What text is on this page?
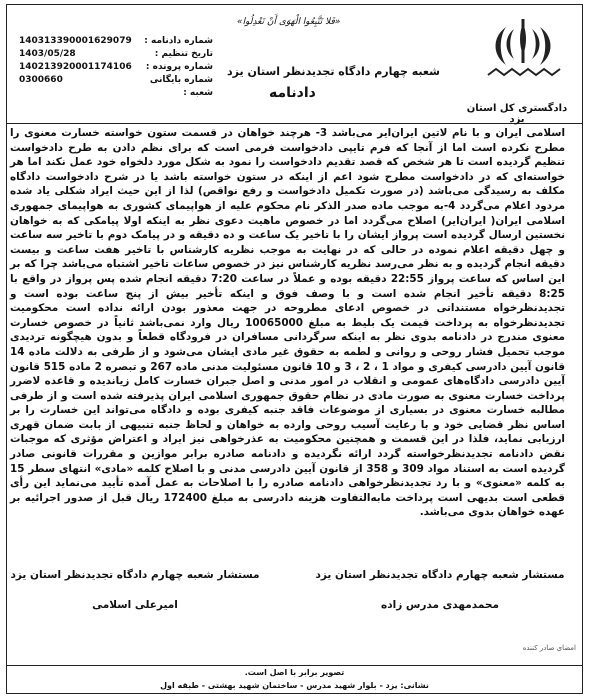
دادگستری کل استان یزد
«فَلا تَتَّبِعُوا الْهَوَى أَنْ تَعْدِلُوا»
شعبه چهارم دادگاه تجدیدنظر استان یزد
دادنامه
شماره دادنامه :
140313390001629079
تاریخ تنظیم :
1403/05/28
شماره پرونده :
140213920001174106
شماره بایگانی شعبه :
0300660
اسلامی ایران و با نام لاتین ایران‌ایر می‌باشد 3- هرچند خواهان در قسمت ستون خواسته خسارت معنوی را مطرح نکرده است اما از آنجا که فرم تایپی دادخواست فرمی است که برای نظم دادن به طرح دادخواست تنظیم گردیده است تا هر شخص که قصد تقدیم دادخواست را نمود به شکل مورد دلخواه خود عمل نکند اما هر خواسته‌ای که در دادخواست مطرح شود اعم از اینکه در ستون خواسته باشد یا در شرح دادخواست دادگاه مکلف به رسیدگی می‌باشد (در صورت تکمیل دادخواست و رفع نواقص) لذا از این حیث ایراد شکلی یاد شده مردود اعلام می‌گردد 4-به موجب ماده صدر الذکر نام محکوم علیه از هواپیمای کشوری به هواپیمای جمهوری اسلامی ایران( ایران‌ایر) اصلاح می‌گردد اما در خصوص ماهیت دعوی نظر به اینکه اولا پیامکی که به خواهان نخستین ارسال گردیده است پرواز ایشان را با تاخیر یک ساعت و ده دقیقه و در پیامک دوم با تاخیر سه ساعت و چهل دقیقه اعلام نموده در حالی که در نهایت به موجب نظریه کارشناس با تاخیر هفت ساعت و بیست دقیقه انجام گردیده و به نظر می‌رسد نظریه کارشناس نیز در خصوص ساعات تاخیر اشتباه می‌باشد چرا که بر این اساس که ساعت پرواز 22:55 دقیقه بوده و عملاً در ساعت 7:20 دقیقه انجام شده پس پرواز در واقع با 8:25 دقیقه تأخیر انجام شده است و با وصف فوق و اینکه تأخیر بیش از پنج ساعت بوده است و تجدیدنظرخواه مستنداتی در خصوص ادعای مطروحه در جهت معذور بودن ارائه نداده است محکومیت تجدیدنظرخواه به پرداخت قیمت یک بلیط به مبلغ 10065000 ریال وارد نمی‌باشد ثانیاً در خصوص خسارت معنوی مندرج در دادنامه بدوی نظر به اینکه سرگردانی مسافران در فرودگاه قطعاً و بدون هیچگونه تردیدی موجب تحمیل فشار روحی و روانی و لطمه به حقوق غیر مادی ایشان می‌شود و از طرفی به دلالت ماده 14 قانون آیین دادرسی کیفری و مواد 1 ، 2 ، 3 و 10 قانون مسئولیت مدنی ماده 267 و تبصره 2 ماده 515 قانون آیین دادرسی دادگاه‌های عمومی و انقلاب در امور مدنی و اصل جبران خسارت کامل زیاندیده و قاعده لاضرر پرداخت خسارت معنوی به صورت مادی در نظام حقوق جمهوری اسلامی ایران پذیرفته شده است و از طرفی مطالبه خسارت معنوی در بسیاری از موضوعات فاقد جنبه کیفری بوده و دادگاه می‌تواند این خسارت را بر اساس نظر قضایی خود و با رعایت آسیب روحی وارده به خواهان و لحاظ جنبه تنبیهی از بابت ضمان قهری ارزیابی نماید، فلذا در این قسمت و همچنین محکومیت به عذرخواهی نیز ایراد و اعتراض مؤثری که موجبات نقض دادنامه تجدیدنظرخواسته گردد ارائه نگردیده و دادنامه صادره برابر موازین و مقررات قانونی صادر گردیده است به استناد مواد 309 و 358 از قانون آیین دادرسی مدنی و با اصلاح کلمه «مادی» انتهای سطر 15 به کلمه «معنوی» و با رد تجدیدنظرخواهی دادنامه صادره را با اصلاحات به عمل آمده تأیید می‌نماید این رأی قطعی است بدیهی است پرداخت مابه‌التفاوت هزینه دادرسی به مبلغ 172400 ریال قبل از صدور اجرائیه بر عهده خواهان بدوی می‌باشد.
مستشار شعبه چهارم دادگاه تجدیدنظر استان یزد
محمدمهدی مدرس زاده
مستشار شعبه چهارم دادگاه تجدیدنظر استان یزد
امیرعلی اسلامی
امضای صادر کننده
تصویر برابر با اصل است.
نشانی: یزد - بلوار شهید مدرس - ساختمان شهید بهشتی - طبقه اول
